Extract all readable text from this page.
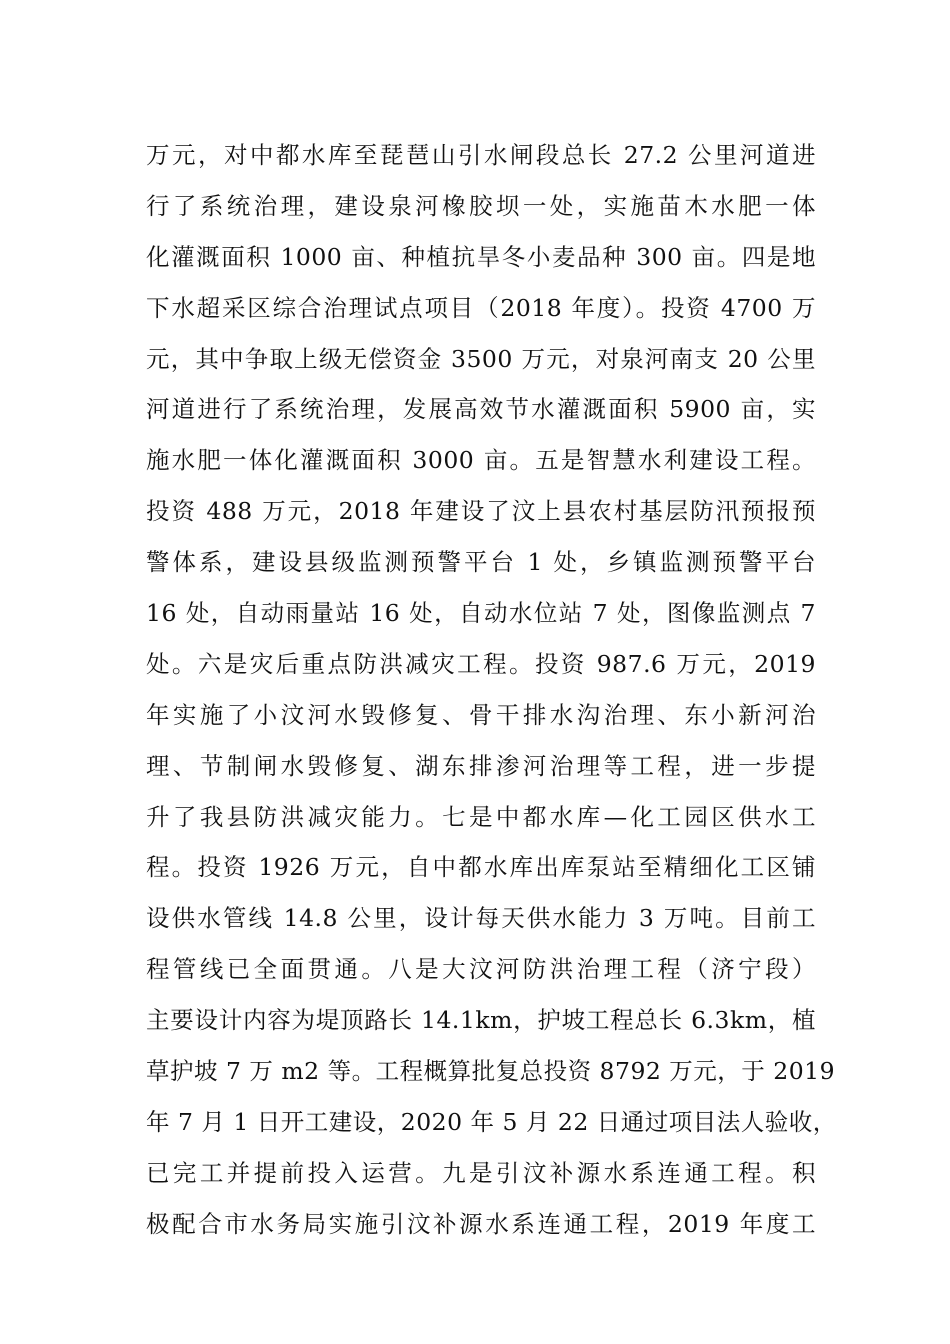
万元，对中都水库至琵琶山引水闸段总长 27.2 公里河道进
行了系统治理，建设泉河橡胶坝一处，实施苗木水肥一体
化灌溉面积 1000 亩、种植抗旱冬小麦品种 300 亩。四是地
下水超采区综合治理试点项目（2018 年度）。投资 4700 万
元，其中争取上级无偿资金 3500 万元，对泉河南支 20 公里
河道进行了系统治理，发展高效节水灌溉面积 5900 亩，实
施水肥一体化灌溉面积 3000 亩。五是智慧水利建设工程。
投资 488 万元，2018 年建设了汶上县农村基层防汛预报预
警体系，建设县级监测预警平台 1 处，乡镇监测预警平台
16 处，自动雨量站 16 处，自动水位站 7 处，图像监测点 7
处。六是灾后重点防洪减灾工程。投资 987.6 万元，2019
年实施了小汶河水毁修复、骨干排水沟治理、东小新河治
理、节制闸水毁修复、湖东排渗河治理等工程，进一步提
升了我县防洪减灾能力。七是中都水库—化工园区供水工
程。投资 1926 万元，自中都水库出库泵站至精细化工区铺
设供水管线 14.8 公里，设计每天供水能力 3 万吨。目前工
程管线已全面贯通。八是大汶河防洪治理工程（济宁段）
主要设计内容为堤顶路长 14.1km，护坡工程总长 6.3km，植
草护坡 7 万 m2 等。工程概算批复总投资 8792 万元，于 2019
年 7 月 1 日开工建设，2020 年 5 月 22 日通过项目法人验收，
已完工并提前投入运营。九是引汶补源水系连通工程。积
极配合市水务局实施引汶补源水系连通工程，2019 年度工
